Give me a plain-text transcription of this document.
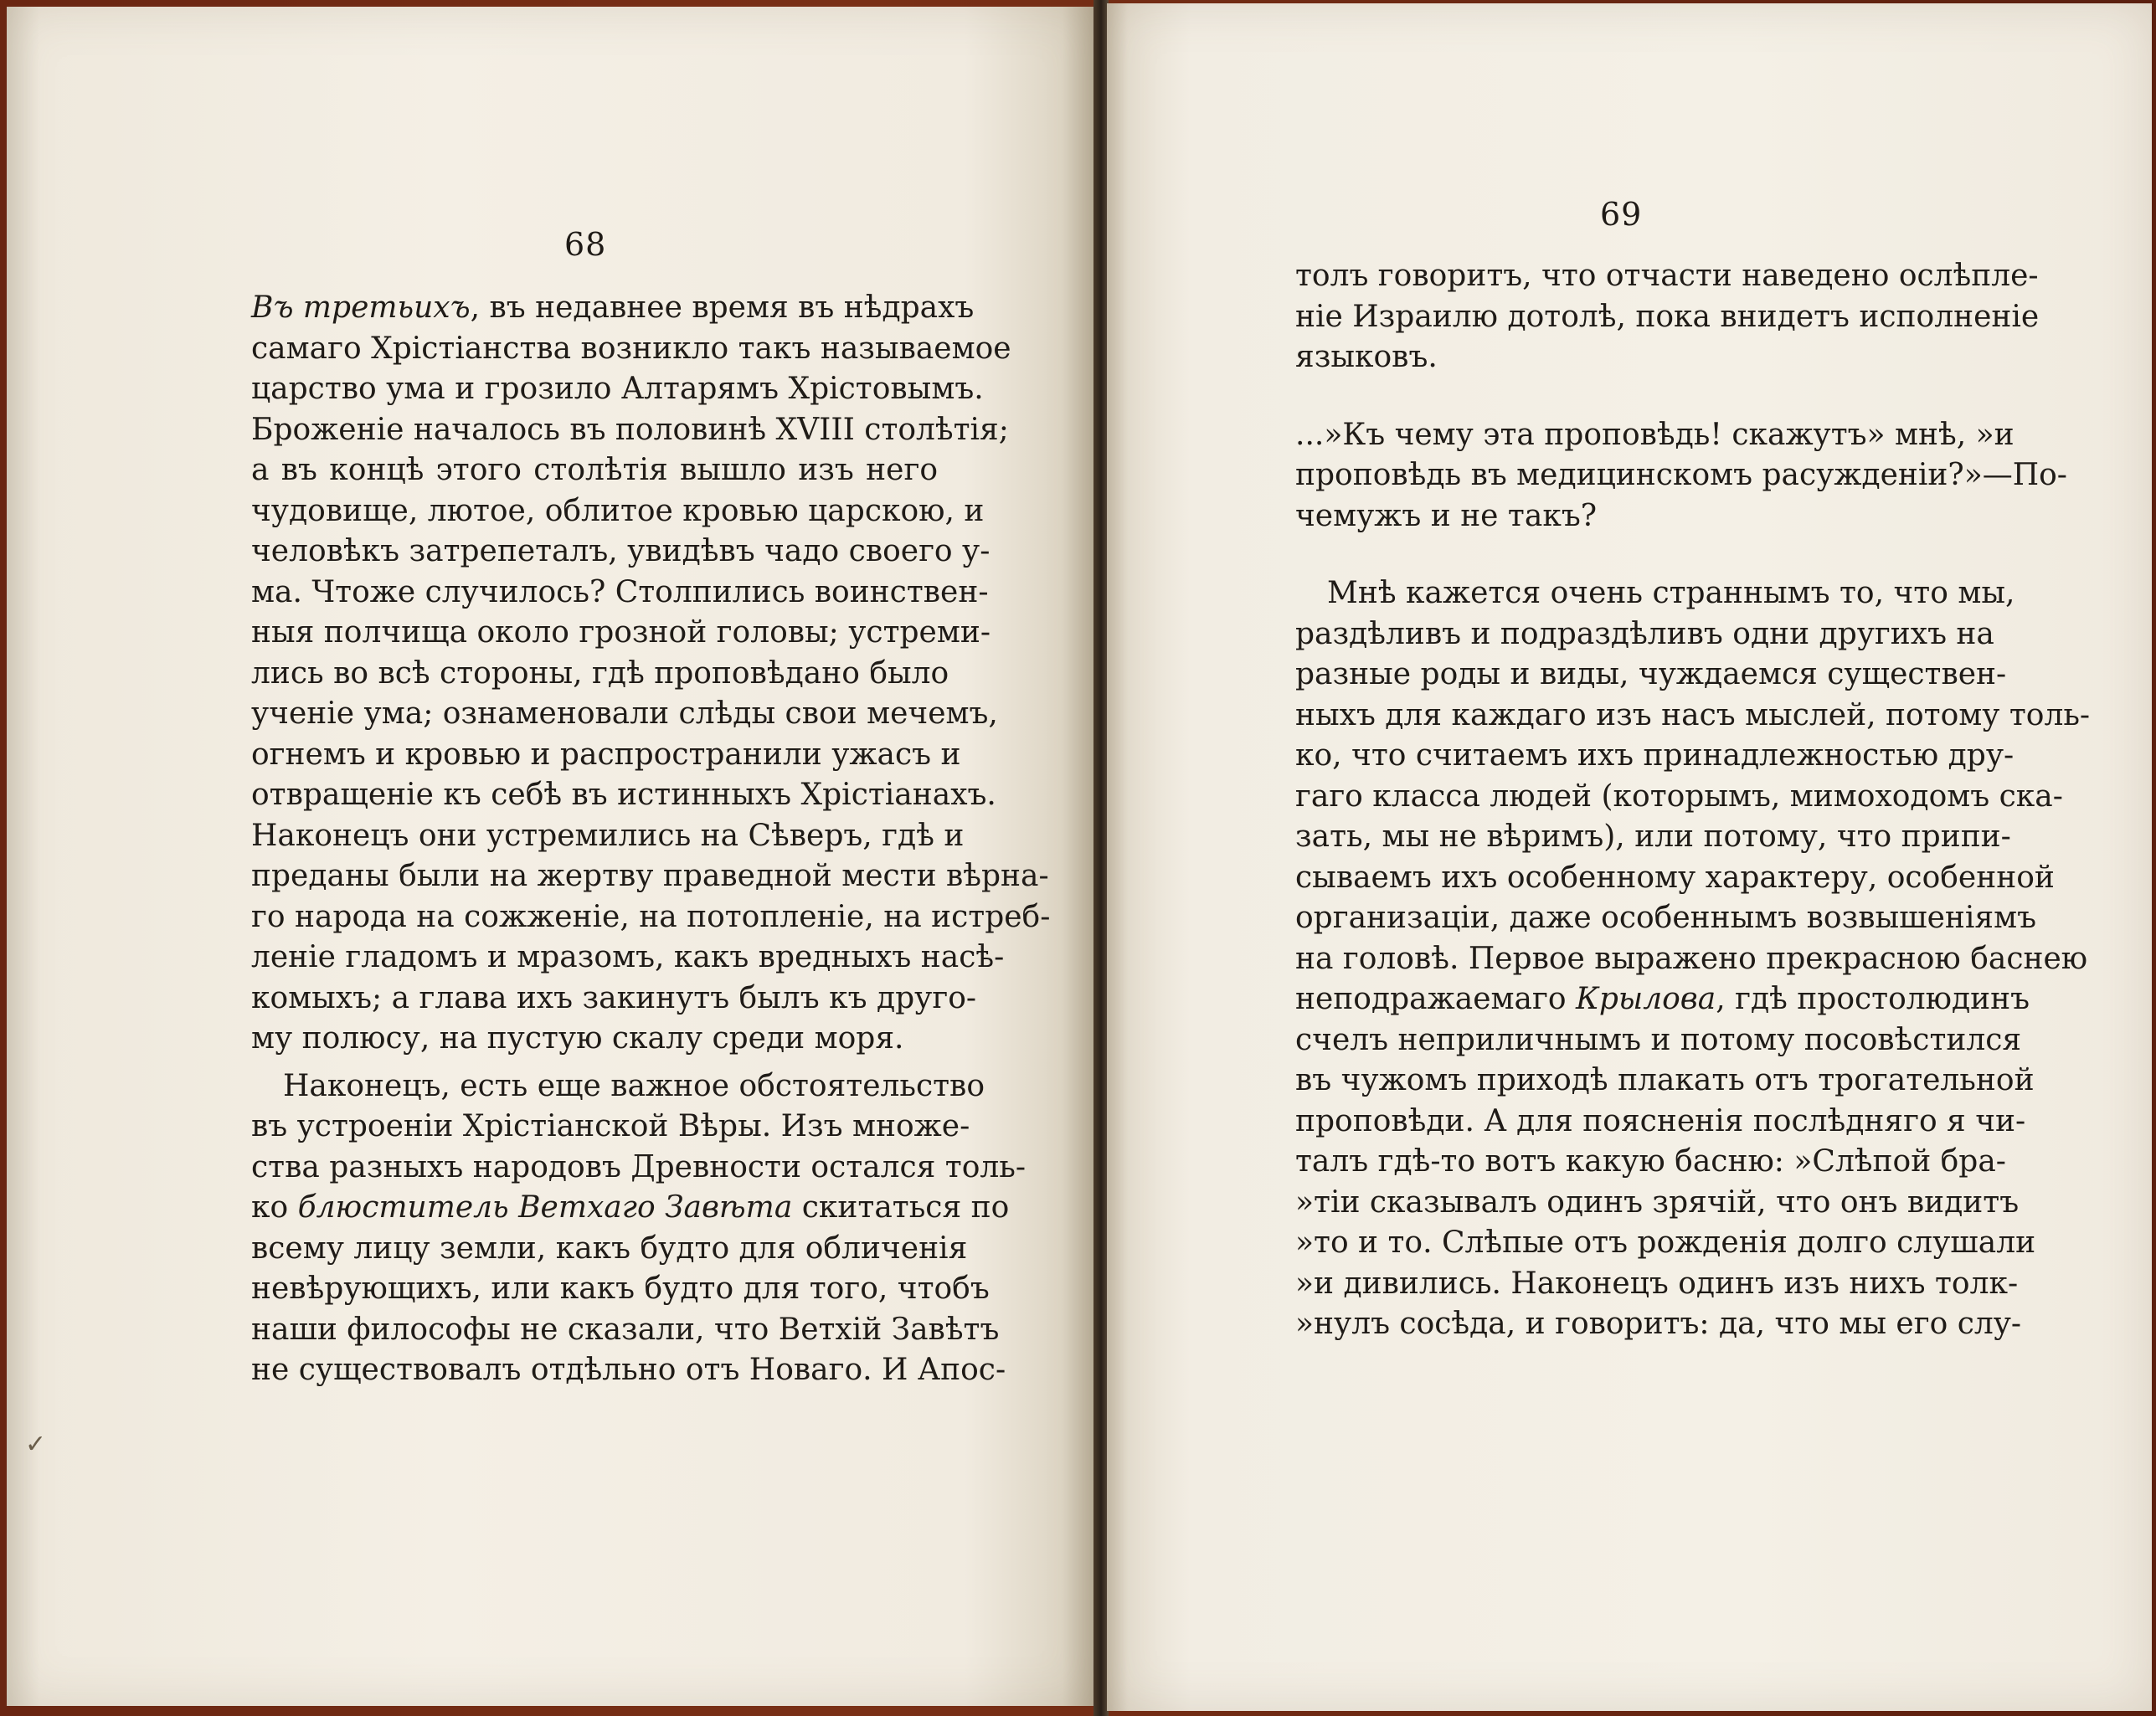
68
Въ третьихъ, въ недавнее время въ нѣдрахъ
самаго Хрiстiанства возникло такъ называемое
царство ума и грозило Алтарямъ Хрiстовымъ.
Броженiе началось въ половинѣ XVIII столѣтiя;
а въ концѣ этого столѣтiя вышло изъ него
чудовище, лютое, облитое кровью царскою, и
человѣкъ затрепеталъ, увидѣвъ чадо своего у-
ма. Чтоже случилось? Столпились воинствен-
ныя полчища около грозной головы; устреми-
лись во всѣ стороны, гдѣ проповѣдано было
ученiе ума; ознаменовали слѣды свои мечемъ,
огнемъ и кровью и распространили ужасъ и
отвращенiе къ себѣ въ истинныхъ Хрiстiанахъ.
Наконецъ они устремились на Сѣверъ, гдѣ и
преданы были на жертву праведной мести вѣрна-
го народа на сожженiе, на потопленiе, на истреб-
ленiе гладомъ и мразомъ, какъ вредныхъ насѣ-
комыхъ; а глава ихъ закинутъ былъ къ друго-
му полюсу, на пустую скалу среди моря.
Наконецъ, есть еще важное обстоятельство
въ устроенiи Хрiстiанской Вѣры. Изъ множе-
ства разныхъ народовъ Древности остался толь-
ко блюститель Ветхаго Завѣта скитаться по
всему лицу земли, какъ будто для обличенiя
невѣрующихъ, или какъ будто для того, чтобъ
наши философы не сказали, что Ветхiй Завѣтъ
не существовалъ отдѣльно отъ Новаго. И Апос-
✓
69
толъ говоритъ, что отчасти наведено ослѣпле-
нiе Израилю дотолѣ, пока внидетъ исполненiе
языковъ.
...»Къ чему эта проповѣдь! скажутъ» мнѣ, »и
проповѣдь въ медицинскомъ расужденiи?»—По-
чемужъ и не такъ?
Мнѣ кажется очень страннымъ то, что мы,
раздѣливъ и подраздѣливъ одни другихъ на
разные роды и виды, чуждаемся существен-
ныхъ для каждаго изъ насъ мыслей, потому толь-
ко, что считаемъ ихъ принадлежностью дру-
гаго класса людей (которымъ, мимоходомъ ска-
зать, мы не вѣримъ), или потому, что припи-
сываемъ ихъ особенному характеру, особенной
организацiи, даже особеннымъ возвышенiямъ
на головѣ. Первое выражено прекрасною баснею
неподражаемаго Крылова, гдѣ простолюдинъ
счелъ неприличнымъ и потому посовѣстился
въ чужомъ приходѣ плакать отъ трогательной
проповѣди. А для поясненiя послѣдняго я чи-
талъ гдѣ-то вотъ какую басню: »Слѣпой бра-
»тiи сказывалъ одинъ зрячiй, что онъ видитъ
»то и то. Слѣпые отъ рожденiя долго слушали
»и дивились. Наконецъ одинъ изъ нихъ толк-
»нулъ сосѣда, и говоритъ: да, что мы его слу-
